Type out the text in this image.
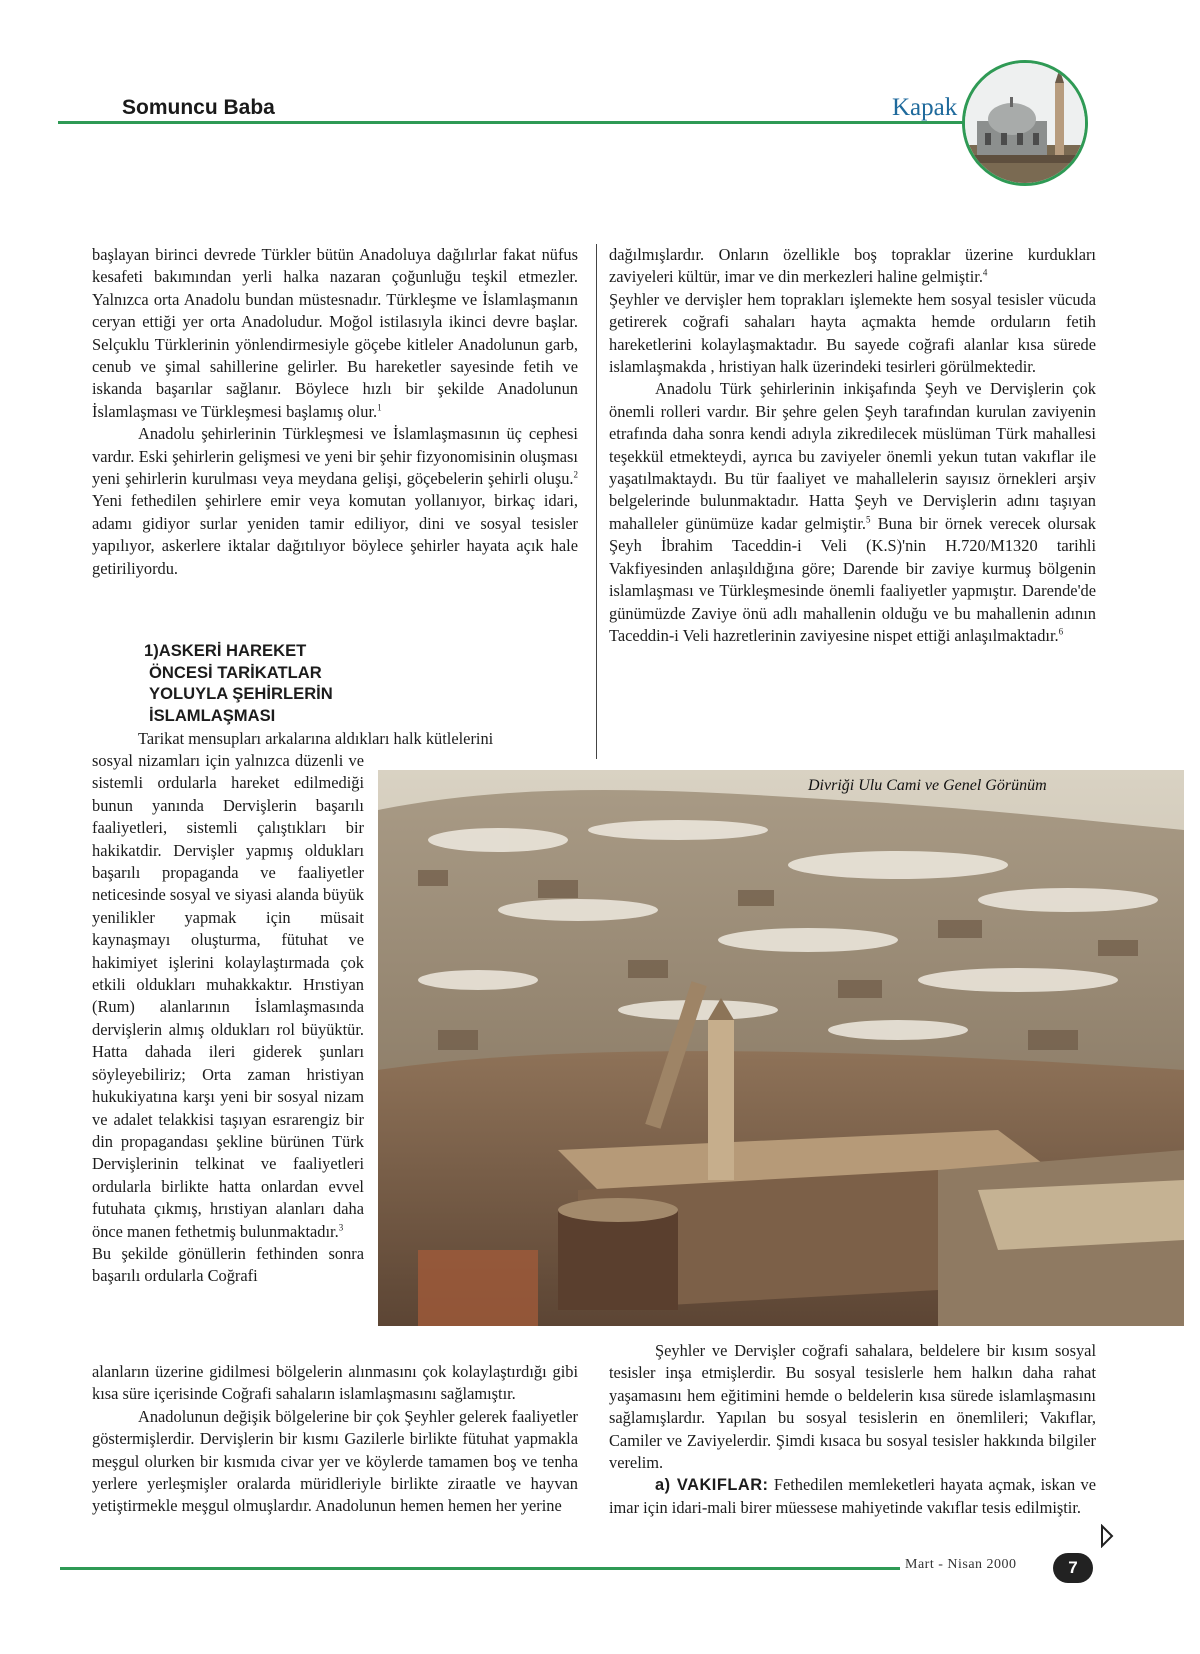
Somuncu Baba	Kapak

başlayan birinci devrede Türkler bütün Anadoluya dağılırlar fakat nüfus kesafeti bakımından yerli halka nazaran çoğunluğu teşkil etmezler. Yalnızca orta Anadolu bundan müstesnadır. Türkleşme ve İslamlaşmanın ceryan ettiği yer orta Anadoludur. Moğol istilasıyla ikinci devre başlar. Selçuklu Türklerinin yönlendirmesiyle göçebe kitleler Anadolunun garb, cenub ve şimal sahillerine gelirler. Bu hareketler sayesinde fetih ve iskanda başarılar sağlanır. Böylece hızlı bir şekilde Anadolunun İslamlaşması ve Türkleşmesi başlamış olur.$^1$

Anadolu şehirlerinin Türkleşmesi ve İslamlaşmasının üç cephesi vardır. Eski şehirlerin gelişmesi ve yeni bir şehir fizyonomisinin oluşması yeni şehirlerin kurulması veya meydana gelişi, göçebelerin şehirli oluşu.$^2$ Yeni fethedilen şehirlere emir veya komutan yollanıyor, birkaç idari, adamı gidiyor surlar yeniden tamir ediliyor, dini ve sosyal tesisler yapılıyor, askerlere iktalar dağıtılıyor böylece şehirler hayata açık hale getiriliyordu.

1)ASKERİ HAREKET
ÖNCESİ TARİKATLAR
YOLUYLA ŞEHİRLERİN
İSLAMLAŞMASI

Tarikat mensupları arkalarına aldıkları halk kütlelerini

sosyal nizamları için yalnızca düzenli ve sistemli ordularla hareket edilmediği bunun yanında Dervişlerin başarılı faaliyetleri, sistemli çalıştıkları bir hakikatdir. Dervişler yapmış oldukları başarılı propaganda ve faaliyetler neticesinde sosyal ve siyasi alanda büyük yenilikler yapmak için müsait kaynaşmayı oluşturma, fütuhat ve hakimiyet işlerini kolaylaştırmada çok etkili oldukları muhakkaktır. Hrıstiyan (Rum) alanlarının İslamlaşmasında dervişlerin almış oldukları rol büyüktür. Hatta dahada ileri giderek şunları söyleyebiliriz; Orta zaman hristiyan hukukiyatına karşı yeni bir sosyal nizam ve adalet telakkisi taşıyan esrarengiz bir din propagandası şekline bürünen Türk Dervişlerinin telkinat ve faaliyetleri ordularla birlikte hatta onlardan evvel futuhata çıkmış, hrıstiyan alanları daha önce manen fethetmiş bulunmaktadır.$^3$

Bu şekilde gönüllerin fethinden sonra başarılı ordularla Coğrafi

alanların üzerine gidilmesi bölgelerin alınmasını çok kolaylaştırdığı gibi kısa süre içerisinde Coğrafi sahaların islamlaşmasını sağlamıştır.

Anadolunun değişik bölgelerine bir çok Şeyhler gelerek faaliyetler göstermişlerdir. Dervişlerin bir kısmı Gazilerle birlikte fütuhat yapmakla meşgul olurken bir kısmıda civar yer ve köylerde tamamen boş ve tenha yerlere yerleşmişler oralarda müridleriyle birlikte ziraatle ve hayvan yetiştirmekle meşgul olmuşlardır. Anadolunun hemen hemen her yerine

dağılmışlardır. Onların özellikle boş topraklar üzerine kurdukları zaviyeleri kültür, imar ve din merkezleri haline gelmiştir.$^4$

Şeyhler ve dervişler hem toprakları işlemekte hem sosyal tesisler vücuda getirerek coğrafi sahaları hayta açmakta hemde orduların fetih hareketlerini kolaylaşmaktadır. Bu sayede coğrafi alanlar kısa sürede islamlaşmakda , hristiyan halk üzerindeki tesirleri görülmektedir.

Anadolu Türk şehirlerinin inkişafında Şeyh ve Dervişlerin çok önemli rolleri vardır. Bir şehre gelen Şeyh tarafından kurulan zaviyenin etrafında daha sonra kendi adıyla zikredilecek müslüman Türk mahallesi teşekkül etmekteydi, ayrıca bu zaviyeler önemli yekun tutan vakıflar ile yaşatılmaktaydı. Bu tür faaliyet ve mahallelerin sayısız örnekleri arşiv belgelerinde bulunmaktadır. Hatta Şeyh ve Dervişlerin adını taşıyan mahalleler günümüze kadar gelmiştir.$^5$ Buna bir örnek verecek olursak Şeyh İbrahim Taceddin-i Veli (K.S)'nin H.720/M1320 tarihli Vakfiyesinden anlaşıldığına göre; Darende bir zaviye kurmuş bölgenin islamlaşması ve Türkleşmesinde önemli faaliyetler yapmıştır. Darende'de günümüzde Zaviye önü adlı mahallenin olduğu ve bu mahallenin adının Taceddin-i Veli hazretlerinin zaviyesine nispet ettiği anlaşılmaktadır.$^6$

Divriği Ulu Cami ve Genel Görünüm

Şeyhler ve Dervişler coğrafi sahalara, beldelere bir kısım sosyal tesisler inşa etmişlerdir. Bu sosyal tesislerle hem halkın daha rahat yaşamasını hem eğitimini hemde o beldelerin kısa sürede islamlaşmasını sağlamışlardır. Yapılan bu sosyal tesislerin en önemlileri; Vakıflar, Camiler ve Zaviyelerdir. Şimdi kısaca bu sosyal tesisler hakkında bilgiler verelim.

a) VAKIFLAR: Fethedilen memleketleri hayata açmak, iskan ve imar için idari-mali birer müessese mahiyetinde vakıflar tesis edilmiştir.

Mart - Nisan 2000	7
